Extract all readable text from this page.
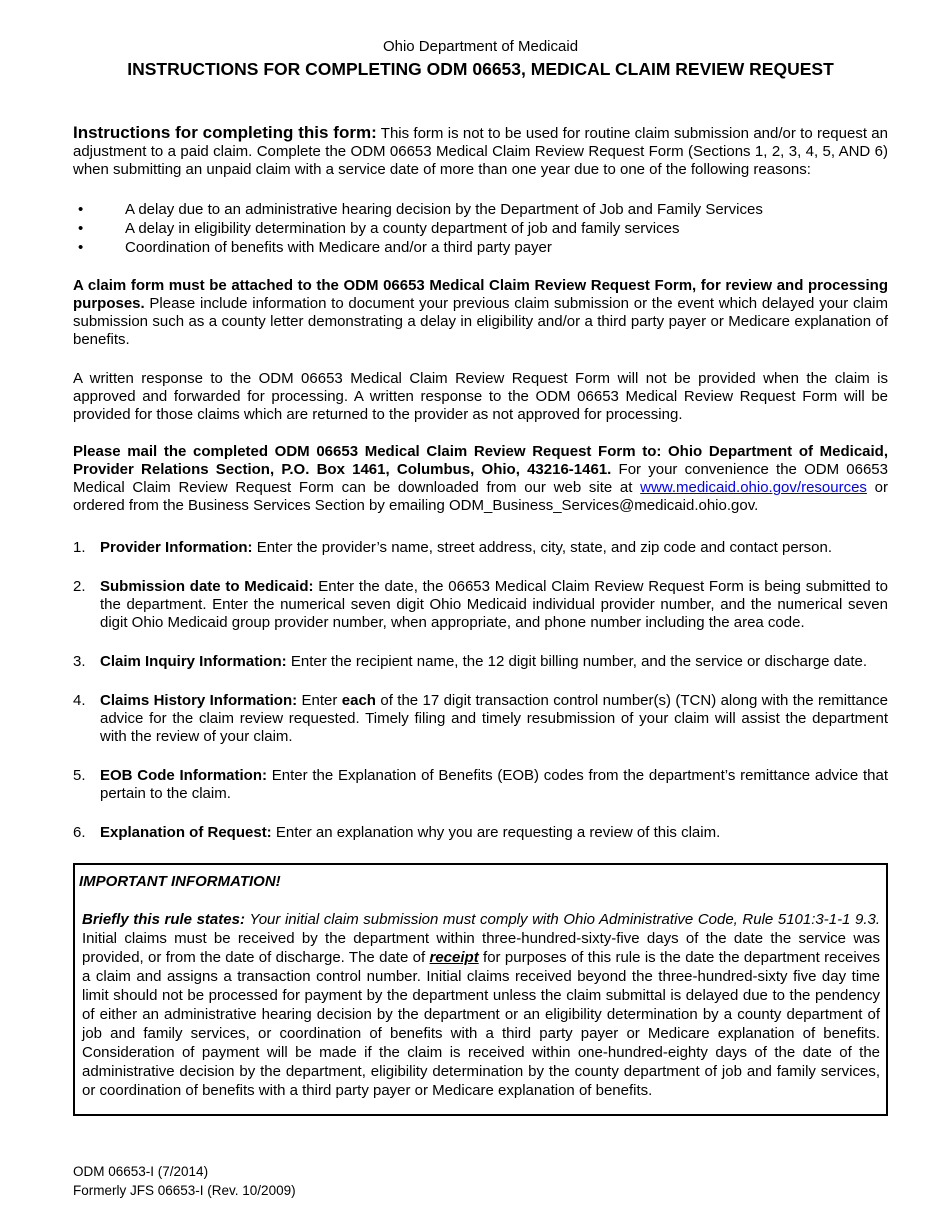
Ohio Department of Medicaid
INSTRUCTIONS FOR COMPLETING ODM 06653, MEDICAL CLAIM REVIEW REQUEST

Instructions for completing this form: This form is not to be used for routine claim submission and/or to request an adjustment to a paid claim. Complete the ODM 06653 Medical Claim Review Request Form (Sections 1, 2, 3, 4, 5, AND 6) when submitting an unpaid claim with a service date of more than one year due to one of the following reasons:

•	A delay due to an administrative hearing decision by the Department of Job and Family Services
•	A delay in eligibility determination by a county department of job and family services
•	Coordination of benefits with Medicare and/or a third party payer

A claim form must be attached to the ODM 06653 Medical Claim Review Request Form, for review and processing purposes. Please include information to document your previous claim submission or the event which delayed your claim submission such as a county letter demonstrating a delay in eligibility and/or a third party payer or Medicare explanation of benefits.

A written response to the ODM 06653 Medical Claim Review Request Form will not be provided when the claim is approved and forwarded for processing. A written response to the ODM 06653 Medical Review Request Form will be provided for those claims which are returned to the provider as not approved for processing.

Please mail the completed ODM 06653 Medical Claim Review Request Form to: Ohio Department of Medicaid, Provider Relations Section, P.O. Box 1461, Columbus, Ohio, 43216-1461. For your convenience the ODM 06653 Medical Claim Review Request Form can be downloaded from our web site at www.medicaid.ohio.gov/resources or ordered from the Business Services Section by emailing ODM_Business_Services@medicaid.ohio.gov.

1. Provider Information: Enter the provider’s name, street address, city, state, and zip code and contact person.
2. Submission date to Medicaid: Enter the date, the 06653 Medical Claim Review Request Form is being submitted to the department. Enter the numerical seven digit Ohio Medicaid individual provider number, and the numerical seven digit Ohio Medicaid group provider number, when appropriate, and phone number including the area code.
3. Claim Inquiry Information: Enter the recipient name, the 12 digit billing number, and the service or discharge date.
4. Claims History Information: Enter each of the 17 digit transaction control number(s) (TCN) along with the remittance advice for the claim review requested. Timely filing and timely resubmission of your claim will assist the department with the review of your claim.
5. EOB Code Information: Enter the Explanation of Benefits (EOB) codes from the department’s remittance advice that pertain to the claim.
6. Explanation of Request: Enter an explanation why you are requesting a review of this claim.
IMPORTANT INFORMATION!

Briefly this rule states: Your initial claim submission must comply with Ohio Administrative Code, Rule 5101:3-1-1 9.3. Initial claims must be received by the department within three-hundred-sixty-five days of the date the service was provided, or from the date of discharge. The date of receipt for purposes of this rule is the date the department receives a claim and assigns a transaction control number. Initial claims received beyond the three-hundred-sixty five day time limit should not be processed for payment by the department unless the claim submittal is delayed due to the pendency of either an administrative hearing decision by the department or an eligibility determination by a county department of job and family services, or coordination of benefits with a third party payer or Medicare explanation of benefits. Consideration of payment will be made if the claim is received within one-hundred-eighty days of the date of the administrative decision by the department, eligibility determination by the county department of job and family services, or coordination of benefits with a third party payer or Medicare explanation of benefits.

ODM 06653-I (7/2014)
Formerly JFS 06653-I (Rev. 10/2009)
